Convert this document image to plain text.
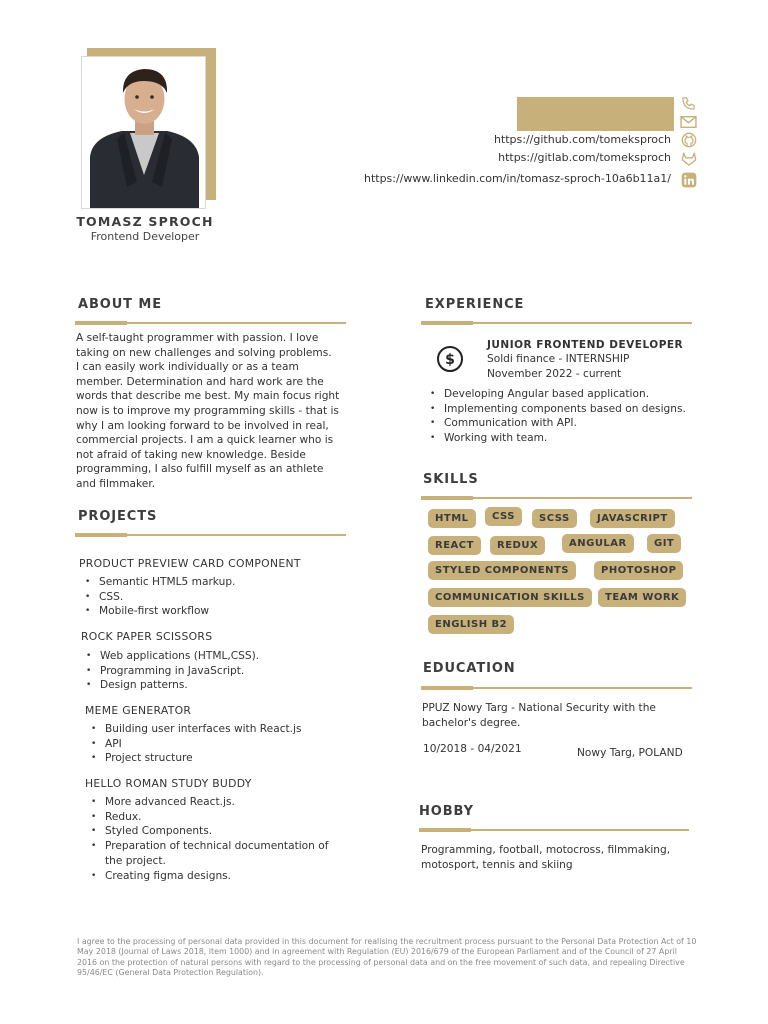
TOMASZ SPROCH
Frontend Developer
https://github.com/tomeksproch
https://gitlab.com/tomeksproch
https://www.linkedin.com/in/tomasz-sproch-10a6b11a1/
ABOUT ME
A self-taught programmer with passion. I love
taking on new challenges and solving problems.
I can easily work individually or as a team
member. Determination and hard work are the
words that describe me best. My main focus right
now is to improve my programming skills - that is
why I am looking forward to be involved in real,
commercial projects. I am a quick learner who is
not afraid of taking new knowledge. Beside
programming, I also fulfill myself as an athlete
and filmmaker.
PROJECTS
PRODUCT PREVIEW CARD COMPONENT
• Semantic HTML5 markup.
• CSS.
• Mobile-first workflow
ROCK PAPER SCISSORS
• Web applications (HTML,CSS).
• Programming in JavaScript.
• Design patterns.
MEME GENERATOR
• Building user interfaces with React.js
• API
• Project structure
HELLO ROMAN STUDY BUDDY
• More advanced React.js.
• Redux.
• Styled Components.
• Preparation of technical documentation of
the project.
• Creating figma designs.
EXPERIENCE
$
JUNIOR FRONTEND DEVELOPER
Soldi finance - INTERNSHIP
November 2022 - current
• Developing Angular based application.
• Implementing components based on designs.
• Communication with API.
• Working with team.
SKILLS
HTML	CSS	SCSS	JAVASCRIPT
REACT	REDUX	ANGULAR	GIT
STYLED COMPONENTS	PHOTOSHOP
COMMUNICATION SKILLS	TEAM WORK
ENGLISH B2
EDUCATION
PPUZ Nowy Targ - National Security with the
bachelor's degree.
10/2018 - 04/2021	Nowy Targ, POLAND
HOBBY
Programming, football, motocross, filmmaking,
motosport, tennis and skiing
I agree to the processing of personal data provided in this document for realising the recruitment process pursuant to the Personal Data Protection Act of 10 May 2018 (Journal of Laws 2018, item 1000) and in agreement with Regulation (EU) 2016/679 of the European Parliament and of the Council of 27 April 2016 on the protection of natural persons with regard to the processing of personal data and on the free movement of such data, and repealing Directive 95/46/EC (General Data Protection Regulation).
